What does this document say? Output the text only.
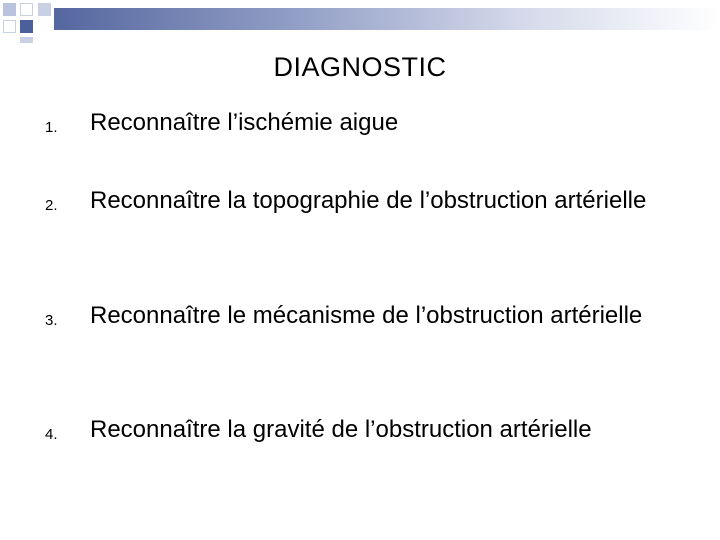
DIAGNOSTIC
1. Reconnaître l’ischémie aigue
2. Reconnaître la topographie de l’obstruction artérielle
3. Reconnaître le mécanisme de l’obstruction artérielle
4. Reconnaître la gravité de l’obstruction artérielle
